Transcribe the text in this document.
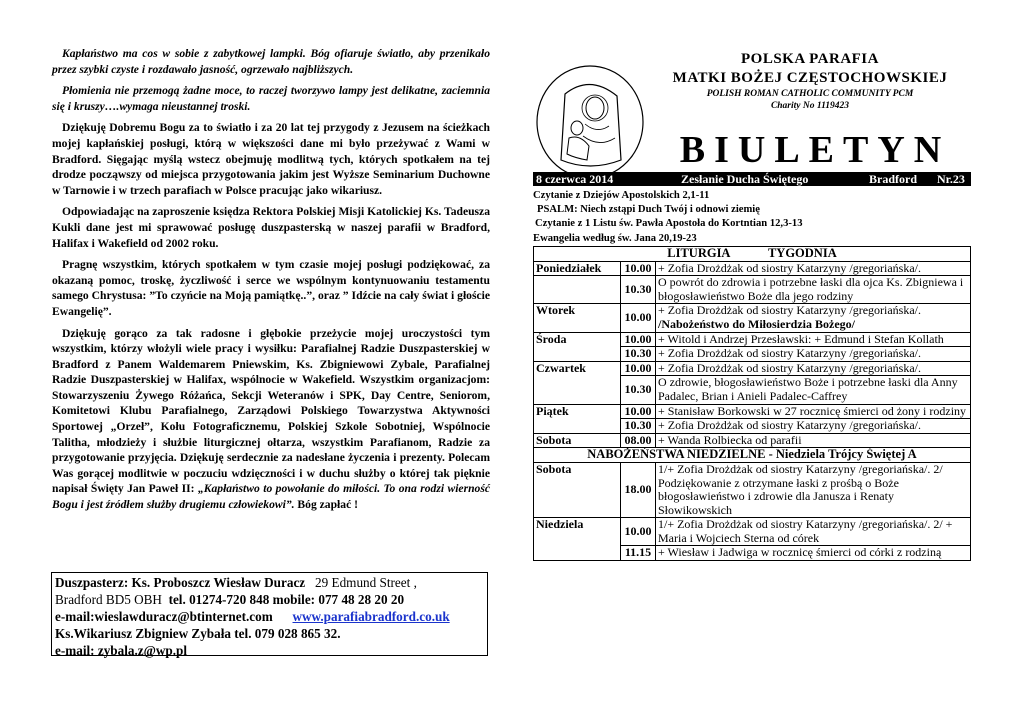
Kapłaństwo ma cos w sobie z zabytkowej lampki. Bóg ofiaruje światło, aby przenikało przez szybki czyste i rozdawało jasność, ogrzewało najbliższych.

Płomienia nie przemogą żadne moce, to raczej tworzywo lampy jest delikatne, zaciemnia się i kruszy….wymaga nieustannej troski.

Dziękuję Dobremu Bogu za to światło i za 20 lat tej przygody z Jezusem na ścieżkach mojej kapłańskiej posługi, którą w większości dane mi było przeżywać z Wami w Bradford. Sięgając myślą wstecz obejmuję modlitwą tych, których spotkałem na tej drodze począwszy od miejsca przygotowania jakim jest Wyższe Seminarium Duchowne w Tarnowie i w trzech parafiach w Polsce pracując jako wikariusz.

Odpowiadając na zaproszenie księdza Rektora Polskiej Misji Katolickiej Ks. Tadeusza Kukli dane jest mi sprawować posługę duszpasterską w naszej parafii w Bradford, Halifax i Wakefield od 2002 roku.

Pragnę wszystkim, których spotkałem w tym czasie mojej posługi podziękować, za okazaną pomoc, troskę, życzliwość i serce we wspólnym kontynuowaniu testamentu samego Chrystusa: ”To czyńcie na Moją pamiątkę..”, oraz ” Idźcie na cały świat i głoście Ewangelię”.

Dziękuję gorąco za tak radosne i głębokie przeżycie mojej uroczystości tym wszystkim, którzy włożyli wiele pracy i wysiłku: Parafialnej Radzie Duszpasterskiej w Bradford z Panem Waldemarem Pniewskim, Ks. Zbigniewowi Zybale, Parafialnej Radzie Duszpasterskiej w Halifax, wspólnocie w Wakefield. Wszystkim organizacjom: Stowarzyszeniu Żywego Różańca, Sekcji Weteranów i SPK, Day Centre, Seniorom, Komitetowi Klubu Parafialnego, Zarządowi Polskiego Towarzystwa Aktywności Sportowej „Orzeł”, Kołu Fotograficznemu, Polskiej Szkole Sobotniej, Wspólnocie Talitha, młodzieży i służbie liturgicznej ołtarza, wszystkim Parafianom, Radzie za przygotowanie przyjęcia. Dziękuję serdecznie za nadesłane życzenia i prezenty. Polecam Was gorącej modlitwie w poczuciu wdzięczności i w duchu służby o której tak pięknie napisał Święty Jan Paweł II: „Kapłaństwo to powołanie do miłości. To ona rodzi wierność Bogu i jest źródłem służby drugiemu człowiekowi”. Bóg zapłać !

Duszpasterz: Ks. Proboszcz Wiesław Duracz 29 Edmund Street ,
Bradford BD5 OBH tel. 01274-720 848 mobile: 077 48 28 20 20
e-mail:wieslawduracz@btinternet.com www.parafiabradford.co.uk
Ks.Wikariusz Zbigniew Zybała tel. 079 028 865 32.
e-mail: zybala.z@wp.pl
POLSKA PARAFIA
MATKI BOŻEJ CZĘSTOCHOWSKIEJ
POLISH ROMAN CATHOLIC COMMUNITY PCM
Charity No 1119423
BIULETYN
8 czerwca 2014	Zesłanie Ducha Świętego	Bradford Nr.23
Czytanie z Dziejów Apostolskich 2,1-11
PSALM: Niech zstąpi Duch Twój i odnowi ziemię
Czytanie z 1 Listu św. Pawła Apostoła do Kortntian 12,3-13
Ewangelia według św. Jana 20,19-23
LITURGIA TYGODNIA		
Poniedziałek	10.00	+ Zofia Drożdżak od siostry Katarzyny /gregoriańska/.
	10.30	O powrót do zdrowia i potrzebne łaski dla ojca Ks. Zbigniewa i błogosławieństwo Boże dla jego rodziny
Wtorek	10.00	+ Zofia Drożdżak od siostry Katarzyny /gregoriańska/.
/Nabożeństwo do Miłosierdzia Bożego/

Środa	10.00	+ Witold i Andrzej Przesławski: + Edmund i Stefan Kollath
	10.30	+ Zofia Drożdżak od siostry Katarzyny /gregoriańska/.
Czwartek	10.00	+ Zofia Drożdżak od siostry Katarzyny /gregoriańska/.
	10.30	O zdrowie, błogosławieństwo Boże i potrzebne łaski dla Anny Padalec, Brian i Anieli Padalec-Caffrey
Piątek	10.00	+ Stanisław Borkowski w 27 rocznicę śmierci od żony i rodziny
	10.30	+ Zofia Drożdżak od siostry Katarzyny /gregoriańska/.
Sobota	08.00	+ Wanda Rolbiecka od parafii
NABOŻEŃSTWA NIEDZIELNE - Niedziela Trójcy Świętej A		
Sobota	18.00	1/+ Zofia Drożdżak od siostry Katarzyny /gregoriańska/. 2/ Podziękowanie z otrzymane łaski z prośbą o Boże błogosławieństwo i zdrowie dla Janusza i Renaty Słowikowskich
Niedziela	10.00	1/+ Zofia Drożdżak od siostry Katarzyny /gregoriańska/. 2/ + Maria i Wojciech Sterna od córek
	11.15	+ Wiesław i Jadwiga w rocznicę śmierci od córki z rodziną
